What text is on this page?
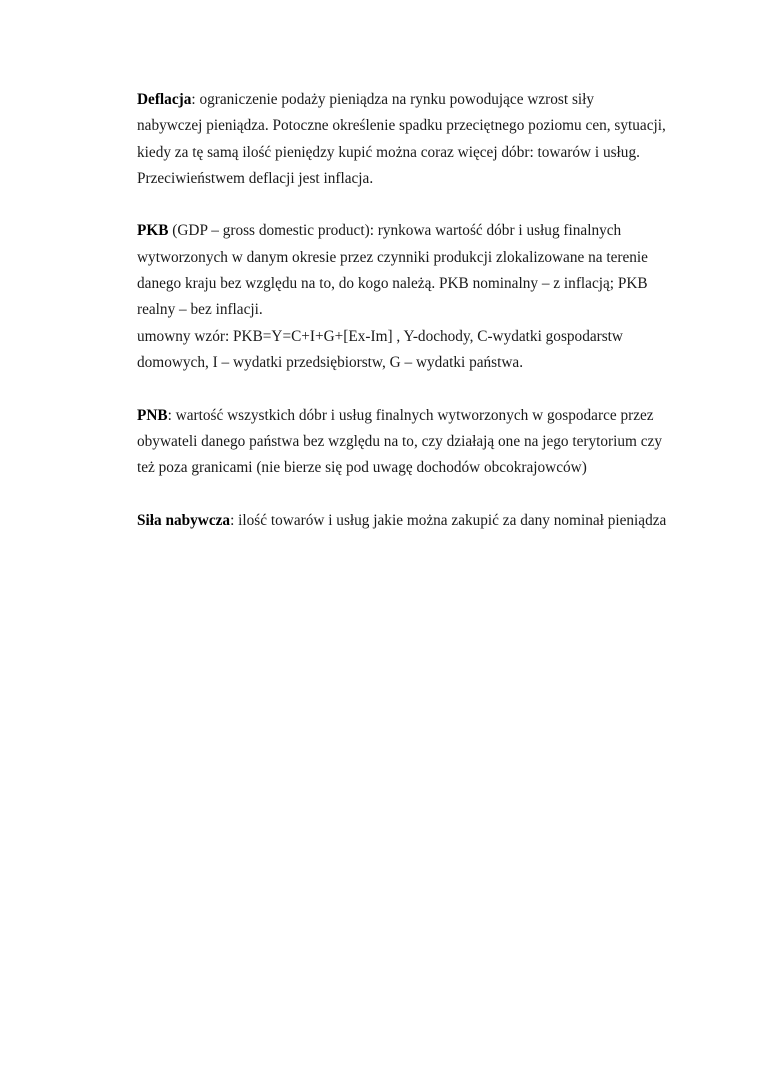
Deflacja: ograniczenie podaży pieniądza na rynku powodujące wzrost siły
nabywczej pieniądza. Potoczne określenie spadku przeciętnego poziomu cen, sytuacji,
kiedy za tę samą ilość pieniędzy kupić można coraz więcej dóbr: towarów i usług.
Przeciwieństwem deflacji jest inflacja.

PKB (GDP – gross domestic product): rynkowa wartość dóbr i usług finalnych
wytworzonych w danym okresie przez czynniki produkcji zlokalizowane na terenie
danego kraju bez względu na to, do kogo należą. PKB nominalny – z inflacją; PKB
realny – bez inflacji.
umowny wzór: PKB=Y=C+I+G+[Ex-Im] , Y-dochody, C-wydatki gospodarstw
domowych, I – wydatki przedsiębiorstw, G – wydatki państwa.

PNB: wartość wszystkich dóbr i usług finalnych wytworzonych w gospodarce przez
obywateli danego państwa bez względu na to, czy działają one na jego terytorium czy
też poza granicami (nie bierze się pod uwagę dochodów obcokrajowców)

Siła nabywcza: ilość towarów i usług jakie można zakupić za dany nominał pieniądza
